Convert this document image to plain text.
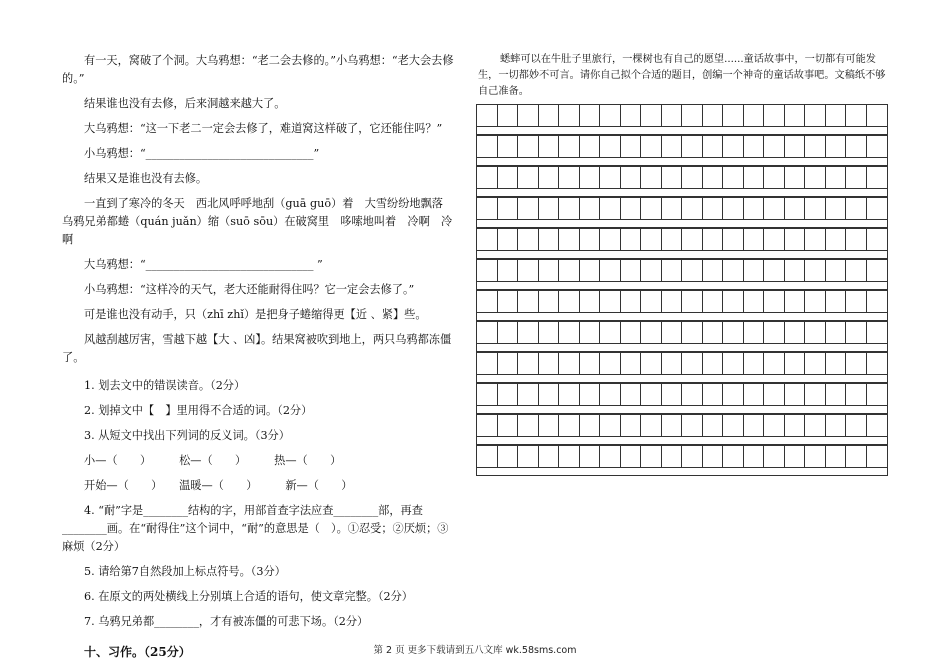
有一天，窝破了个洞。大乌鸦想：“老二会去修的。”小乌鸦想：“老大会去修的。”

结果谁也没有去修，后来洞越来越大了。

大乌鸦想：“这一下老二一定会去修了，难道窝这样破了，它还能住吗？”

小乌鸦想：“______________________________”

结果又是谁也没有去修。

一直到了寒冷的冬天　西北风呼呼地刮（guā guō）着　大雪纷纷地飘落乌鸦兄弟都蜷（quán juǎn）缩（suō sōu）在破窝里　哆嗦地叫着　冷啊　冷啊

大乌鸦想：“______________________________ ”

小乌鸦想：“这样冷的天气，老大还能耐得住吗？它一定会去修了。”

可是谁也没有动手，只（zhī zhǐ）是把身子蜷缩得更【近 、紧】些。

风越刮越厉害，雪越下越【大 、凶】。结果窝被吹到地上，两只乌鸦都冻僵了。

1. 划去文中的错误读音。（2分）

2. 划掉文中【　】里用得不合适的词。（2分）

3. 从短文中找出下列词的反义词。（3分）

小—（　　）　　　松—（　　）　　　热—（　　）

开始—（　　）　　温暖—（　　）　　　新—（　　）

4. “耐”字是________结构的字，用部首查字法应查________部，再查________画。在“耐得住”这个词中，“耐”的意思是（　）。①忍受；②厌烦；③麻烦（2分）

5. 请给第7自然段加上标点符号。（3分）

6. 在原文的两处横线上分别填上合适的语句，使文章完整。（2分）

7. 乌鸦兄弟都________，才有被冻僵的可悲下场。（2分）

十、习作。（25分）

蟋蟀可以在牛肚子里旅行，一棵树也有自己的愿望......童话故事中，一切都有可能发生，一切都妙不可言。请你自己拟个合适的题目，创编一个神奇的童话故事吧。文稿纸不够自己准备。

第 2 页 更多下载请到五八文库 wk.58sms.com
